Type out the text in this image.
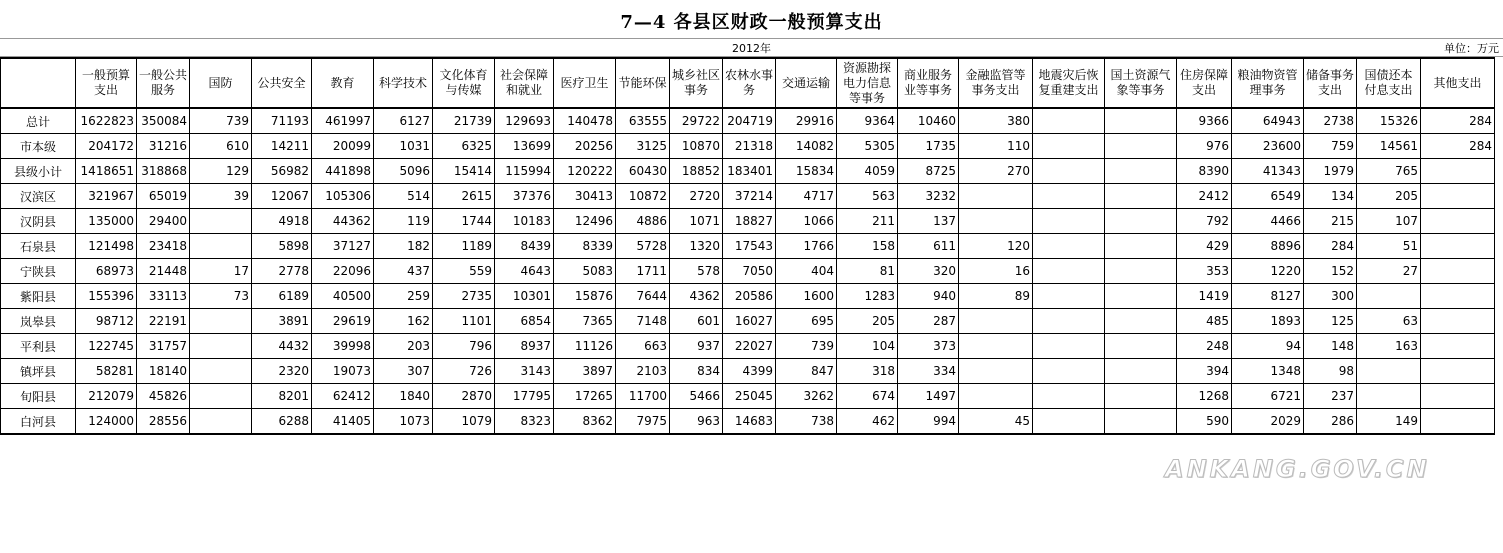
7—4 各县区财政一般预算支出
2012年	单位：万元
	一般预算支出	一般公共服务	国防	公共安全	教育	科学技术	文化体育与传媒	社会保障和就业	医疗卫生	节能环保	城乡社区事务	农林水事务	交通运输	资源勘探电力信息等事务	商业服务业等事务	金融监管等事务支出	地震灾后恢复重建支出	国土资源气象等事务	住房保障支出	粮油物资管理事务	储备事务支出	国债还本付息支出	其他支出
总计	1622823	350084	739	71193	461997	6127	21739	129693	140478	63555	29722	204719	29916	9364	10460	380			9366	64943	2738	15326	284
市本级	204172	31216	610	14211	20099	1031	6325	13699	20256	3125	10870	21318	14082	5305	1735	110			976	23600	759	14561	284
县级小计	1418651	318868	129	56982	441898	5096	15414	115994	120222	60430	18852	183401	15834	4059	8725	270			8390	41343	1979	765	
汉滨区	321967	65019	39	12067	105306	514	2615	37376	30413	10872	2720	37214	4717	563	3232				2412	6549	134	205	
汉阴县	135000	29400		4918	44362	119	1744	10183	12496	4886	1071	18827	1066	211	137				792	4466	215	107	
石泉县	121498	23418		5898	37127	182	1189	8439	8339	5728	1320	17543	1766	158	611	120			429	8896	284	51	
宁陕县	68973	21448	17	2778	22096	437	559	4643	5083	1711	578	7050	404	81	320	16			353	1220	152	27	
紫阳县	155396	33113	73	6189	40500	259	2735	10301	15876	7644	4362	20586	1600	1283	940	89			1419	8127	300		
岚皋县	98712	22191		3891	29619	162	1101	6854	7365	7148	601	16027	695	205	287				485	1893	125	63	
平利县	122745	31757		4432	39998	203	796	8937	11126	663	937	22027	739	104	373				248	94	148	163	
镇坪县	58281	18140		2320	19073	307	726	3143	3897	2103	834	4399	847	318	334				394	1348	98		
旬阳县	212079	45826		8201	62412	1840	2870	17795	17265	11700	5466	25045	3262	674	1497				1268	6721	237		
白河县	124000	28556		6288	41405	1073	1079	8323	8362	7975	963	14683	738	462	994	45			590	2029	286	149	
ANKANG.GOV.CN
